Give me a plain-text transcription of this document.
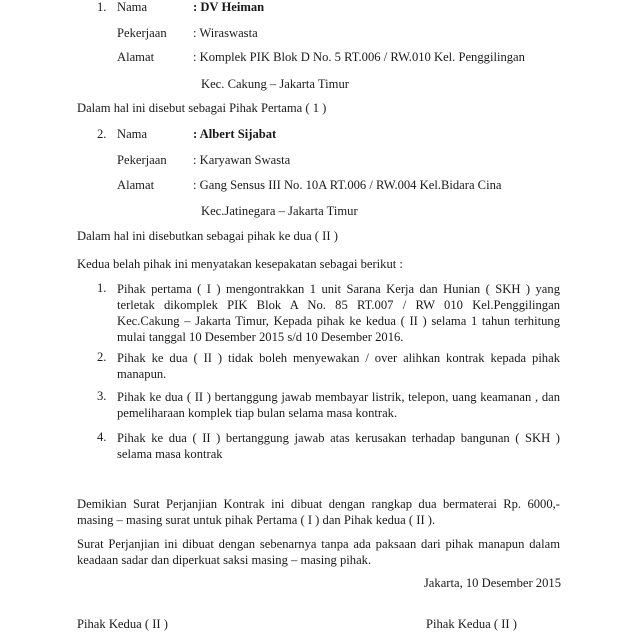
1. Nama	: DV Heiman
Pekerjaan : Wiraswasta
Alamat	: Komplek PIK Blok D No. 5 RT.006 / RW.010 Kel. Penggilingan
Kec. Cakung – Jakarta Timur
Dalam hal ini disebut sebagai Pihak Pertama ( 1 )
2. Nama	: Albert Sijabat
Pekerjaan : Karyawan Swasta
Alamat	: Gang Sensus III No. 10A RT.006 / RW.004 Kel.Bidara Cina
Kec.Jatinegara – Jakarta Timur
Dalam hal ini disebutkan sebagai pihak ke dua ( II )
Kedua belah pihak ini menyatakan kesepakatan sebagai berikut :
1. Pihak pertama ( I ) mengontrakkan 1 unit Sarana Kerja dan Hunian ( SKH ) yang
terletak dikomplek PIK Blok A No. 85 RT.007 / RW 010 Kel.Penggilingan
Kec.Cakung – Jakarta Timur, Kepada pihak ke kedua ( II ) selama 1 tahun terhitung
mulai tanggal 10 Desember 2015 s/d 10 Desember 2016.
2. Pihak ke dua ( II ) tidak boleh menyewakan / over alihkan kontrak kepada pihak
manapun.
3. Pihak ke dua ( II ) bertanggung jawab membayar listrik, telepon, uang keamanan , dan
pemeliharaan komplek tiap bulan selama masa kontrak.
4. Pihak ke dua ( II ) bertanggung jawab atas kerusakan terhadap bangunan ( SKH )
selama masa kontrak
Demikian Surat Perjanjian Kontrak ini dibuat dengan rangkap dua bermaterai Rp. 6000,-
masing – masing surat untuk pihak Pertama ( I ) dan Pihak kedua ( II ).
Surat Perjanjian ini dibuat dengan sebenarnya tanpa ada paksaan dari pihak manapun dalam
keadaan sadar dan diperkuat saksi masing – masing pihak.
Jakarta, 10 Desember 2015
Pihak Kedua ( II )	Pihak Kedua ( II )
